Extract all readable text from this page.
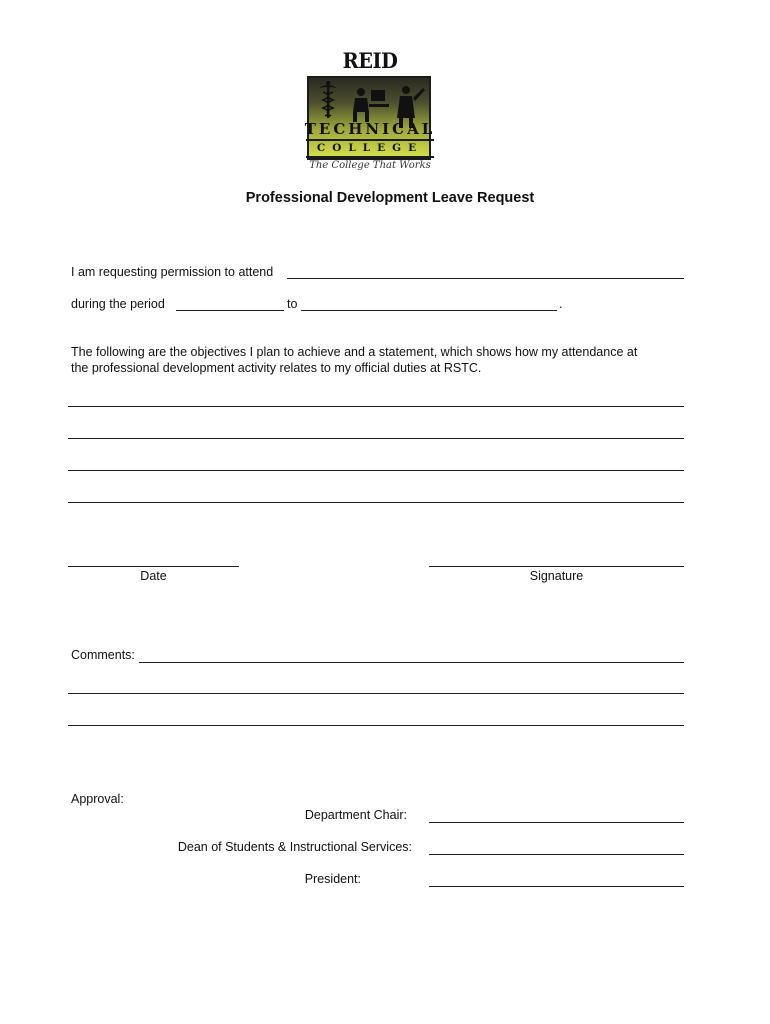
REID
TECHNICAL
COLLEGE
The College That Works
Professional Development Leave Request
I am requesting permission to attend
during the period	to	.
The following are the objectives I plan to achieve and a statement, which shows how my attendance at
the professional development activity relates to my official duties at RSTC.
Date	Signature
Comments:
Approval:
Department Chair:
Dean of Students & Instructional Services:
President:
